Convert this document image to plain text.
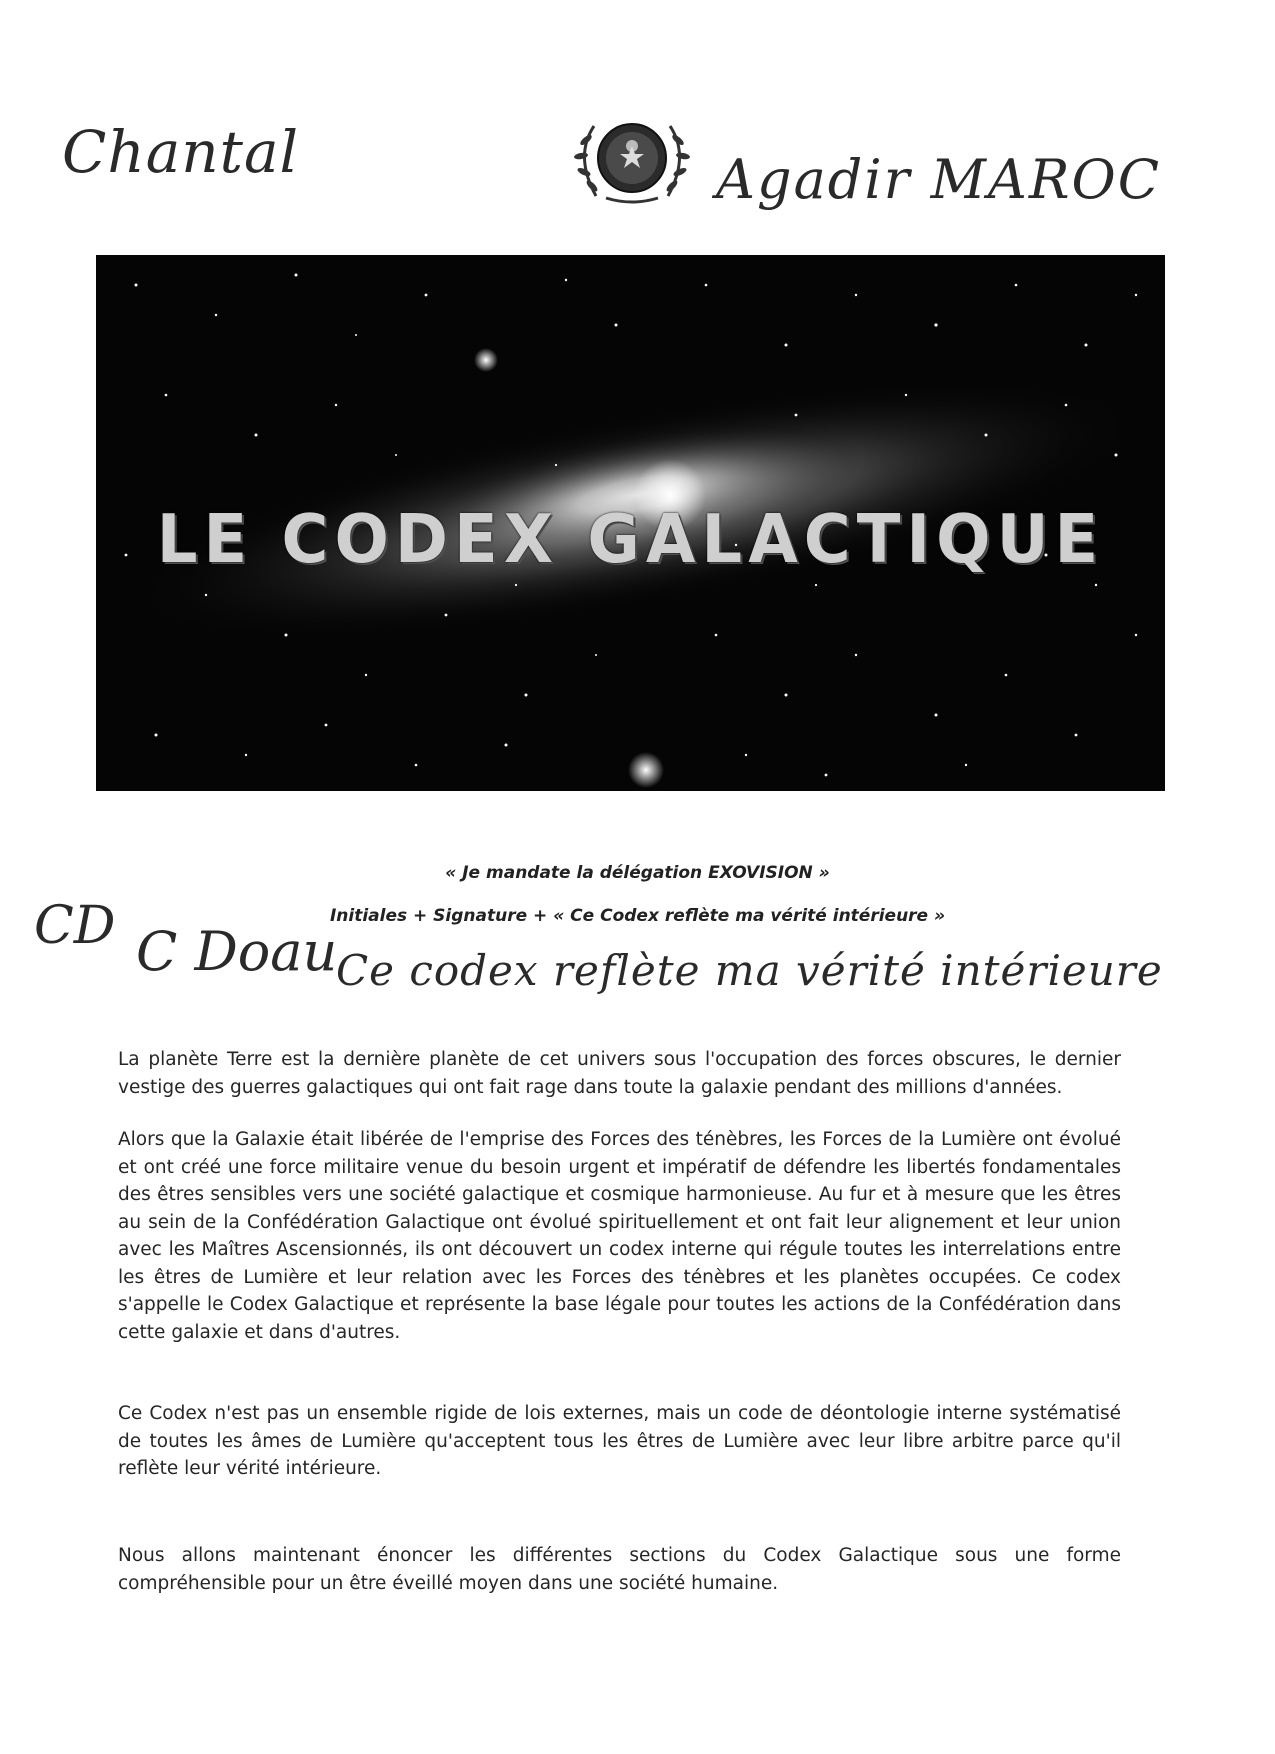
Chantal	Agadir MAROC
LE CODEX GALACTIQUE
« Je mandate la délégation EXOVISION »
Initiales + Signature + « Ce Codex reflète ma vérité intérieure »
CD C Doau
Ce codex reflète ma vérité intérieure

La planète Terre est la dernière planète de cet univers sous l'occupation des forces obscures, le dernier vestige des guerres galactiques qui ont fait rage dans toute la galaxie pendant des millions d'années.

Alors que la Galaxie était libérée de l'emprise des Forces des ténèbres, les Forces de la Lumière ont évolué et ont créé une force militaire venue du besoin urgent et impératif de défendre les libertés fondamentales des êtres sensibles vers une société galactique et cosmique harmonieuse. Au fur et à mesure que les êtres au sein de la Confédération Galactique ont évolué spirituellement et ont fait leur alignement et leur union avec les Maîtres Ascensionnés, ils ont découvert un codex interne qui régule toutes les interrelations entre les êtres de Lumière et leur relation avec les Forces des ténèbres et les planètes occupées. Ce codex s'appelle le Codex Galactique et représente la base légale pour toutes les actions de la Confédération dans cette galaxie et dans d'autres.

Ce Codex n'est pas un ensemble rigide de lois externes, mais un code de déontologie interne systématisé de toutes les âmes de Lumière qu'acceptent tous les êtres de Lumière avec leur libre arbitre parce qu'il reflète leur vérité intérieure.

Nous allons maintenant énoncer les différentes sections du Codex Galactique sous une forme compréhensible pour un être éveillé moyen dans une société humaine.
